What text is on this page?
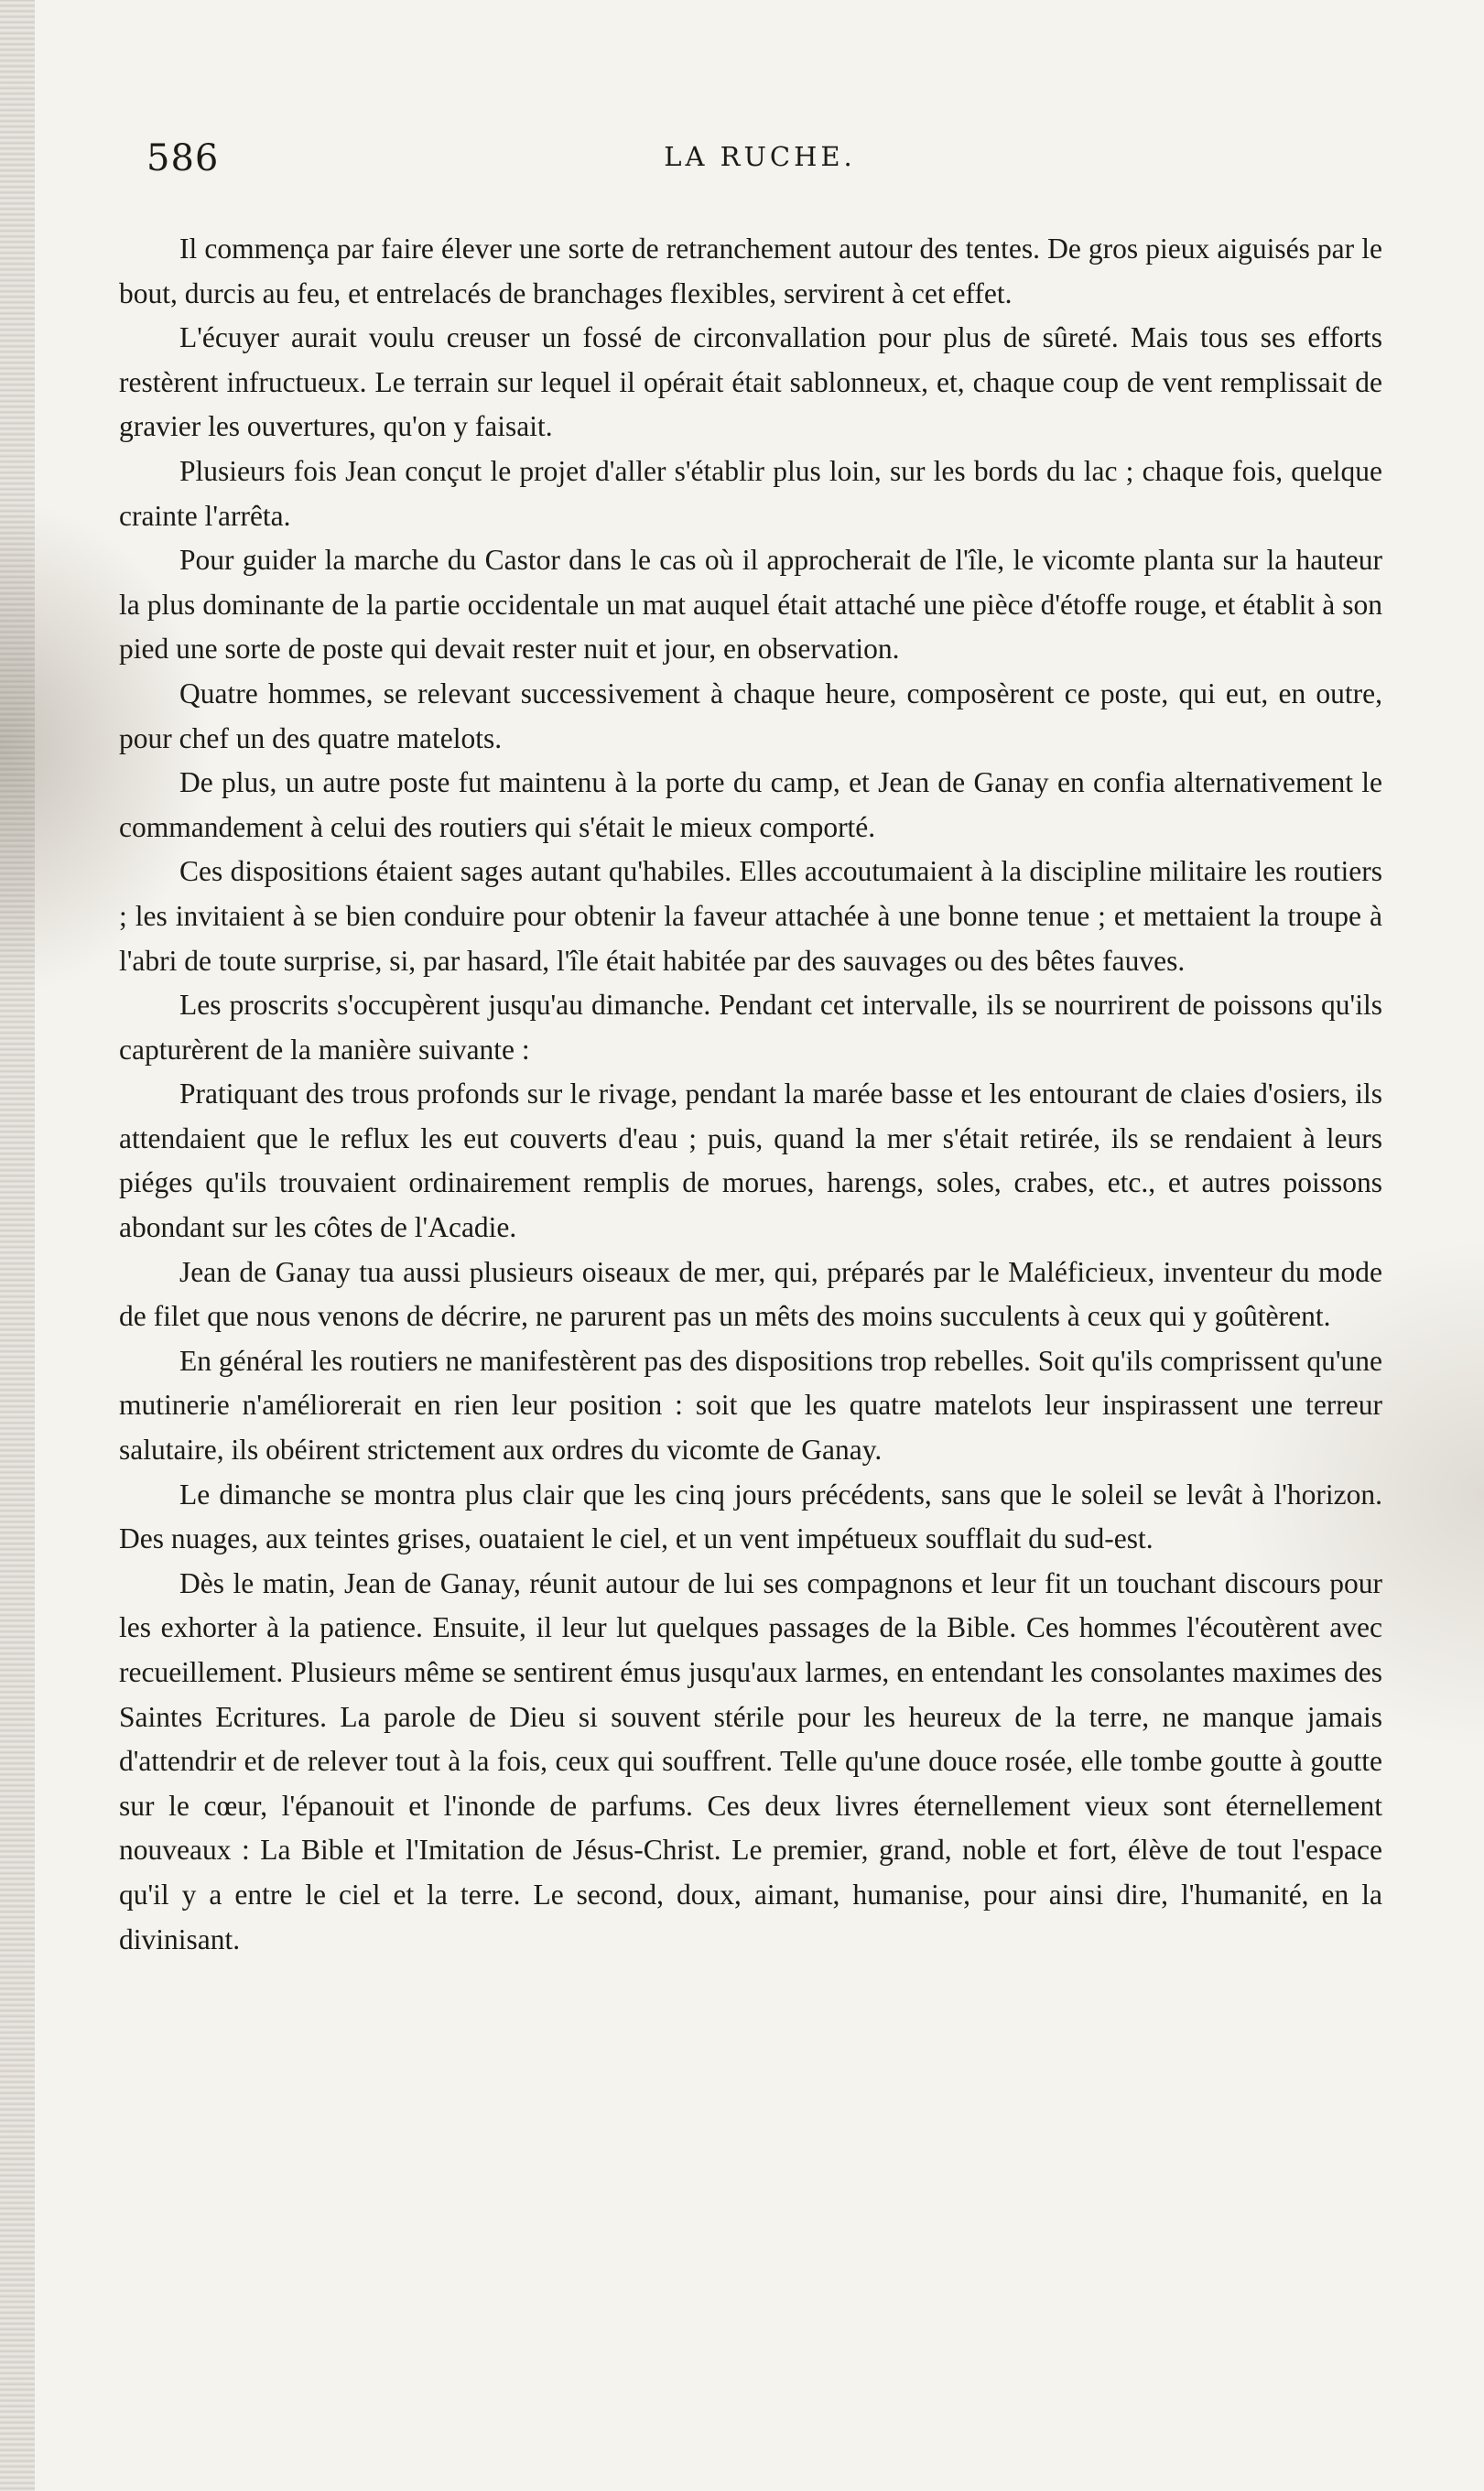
586	LA RUCHE.

Il commença par faire élever une sorte de retranchement autour des tentes. De gros pieux aiguisés par le bout, durcis au feu, et entrelacés de branchages flexibles, servirent à cet effet.

L'écuyer aurait voulu creuser un fossé de circonvallation pour plus de sûreté. Mais tous ses efforts restèrent infructueux. Le terrain sur lequel il opérait était sablonneux, et, chaque coup de vent remplissait de gravier les ouvertures, qu'on y faisait.

Plusieurs fois Jean conçut le projet d'aller s'établir plus loin, sur les bords du lac ; chaque fois, quelque crainte l'arrêta.

Pour guider la marche du Castor dans le cas où il approcherait de l'île, le vicomte planta sur la hauteur la plus dominante de la partie occidentale un mat auquel était attaché une pièce d'étoffe rouge, et établit à son pied une sorte de poste qui devait rester nuit et jour, en observation.

Quatre hommes, se relevant successivement à chaque heure, composèrent ce poste, qui eut, en outre, pour chef un des quatre matelots.

De plus, un autre poste fut maintenu à la porte du camp, et Jean de Ganay en confia alternativement le commandement à celui des routiers qui s'était le mieux comporté.

Ces dispositions étaient sages autant qu'habiles. Elles accoutumaient à la discipline militaire les routiers ; les invitaient à se bien conduire pour obtenir la faveur attachée à une bonne tenue ; et mettaient la troupe à l'abri de toute surprise, si, par hasard, l'île était habitée par des sauvages ou des bêtes fauves.

Les proscrits s'occupèrent jusqu'au dimanche. Pendant cet intervalle, ils se nourrirent de poissons qu'ils capturèrent de la manière suivante :

Pratiquant des trous profonds sur le rivage, pendant la marée basse et les entourant de claies d'osiers, ils attendaient que le reflux les eut couverts d'eau ; puis, quand la mer s'était retirée, ils se rendaient à leurs piéges qu'ils trouvaient ordinairement remplis de morues, harengs, soles, crabes, etc., et autres poissons abondant sur les côtes de l'Acadie.

Jean de Ganay tua aussi plusieurs oiseaux de mer, qui, préparés par le Maléficieux, inventeur du mode de filet que nous venons de décrire, ne parurent pas un mêts des moins succulents à ceux qui y goûtèrent.

En général les routiers ne manifestèrent pas des dispositions trop rebelles. Soit qu'ils comprissent qu'une mutinerie n'améliorerait en rien leur position : soit que les quatre matelots leur inspirassent une terreur salutaire, ils obéirent strictement aux ordres du vicomte de Ganay.

Le dimanche se montra plus clair que les cinq jours précédents, sans que le soleil se levât à l'horizon. Des nuages, aux teintes grises, ouataient le ciel, et un vent impétueux soufflait du sud-est.

Dès le matin, Jean de Ganay, réunit autour de lui ses compagnons et leur fit un touchant discours pour les exhorter à la patience. Ensuite, il leur lut quelques passages de la Bible. Ces hommes l'écoutèrent avec recueillement. Plusieurs même se sentirent émus jusqu'aux larmes, en entendant les consolantes maximes des Saintes Ecritures. La parole de Dieu si souvent stérile pour les heureux de la terre, ne manque jamais d'attendrir et de relever tout à la fois, ceux qui souffrent. Telle qu'une douce rosée, elle tombe goutte à goutte sur le cœur, l'épanouit et l'inonde de parfums. Ces deux livres éternellement vieux sont éternellement nouveaux : La Bible et l'Imitation de Jésus-Christ. Le premier, grand, noble et fort, élève de tout l'espace qu'il y a entre le ciel et la terre. Le second, doux, aimant, humanise, pour ainsi dire, l'humanité, en la divinisant.
